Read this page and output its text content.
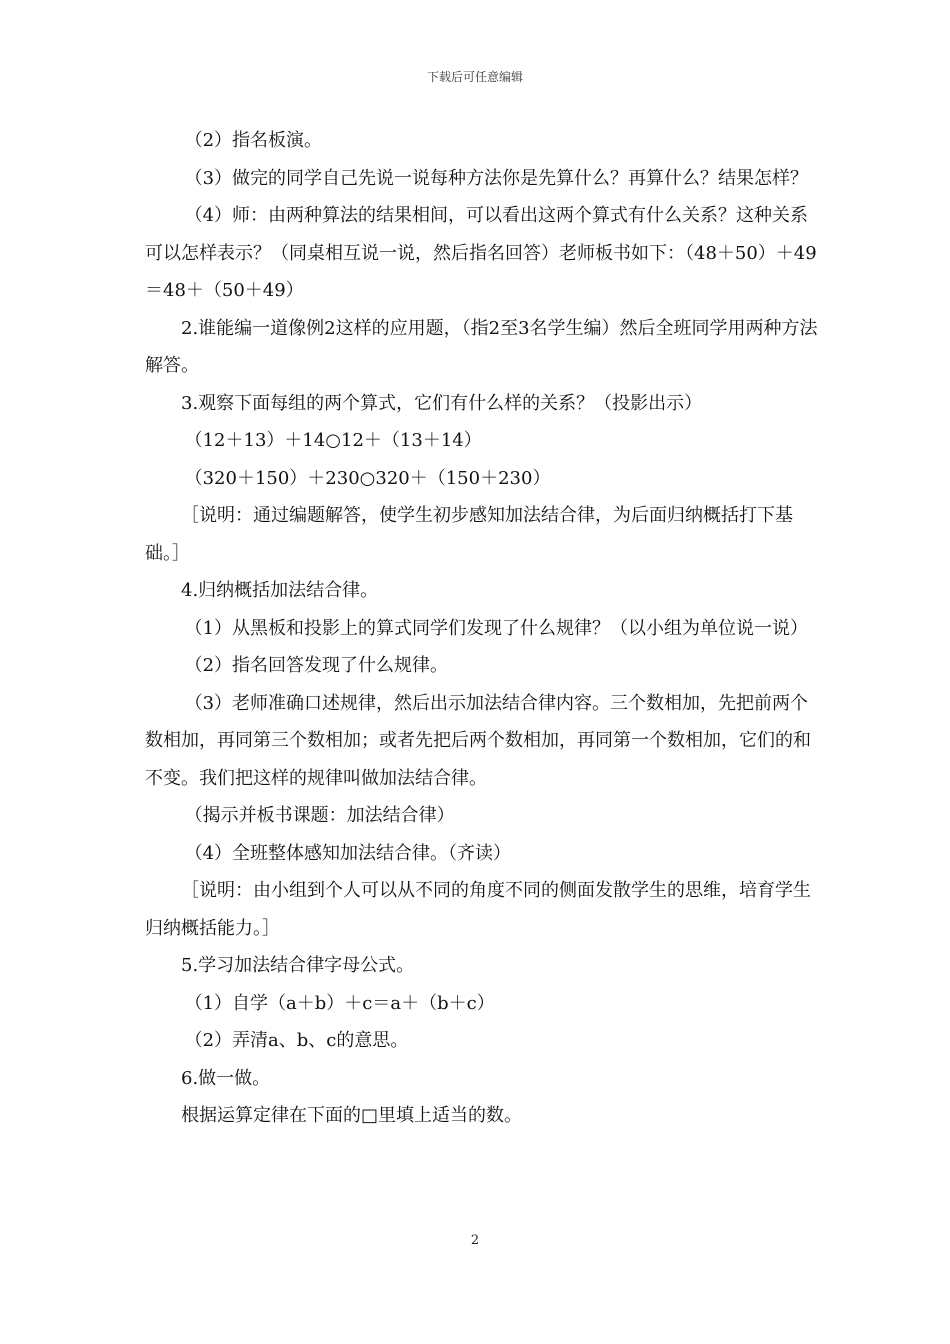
下载后可任意编辑

（2）指名板演。

（3）做完的同学自己先说一说每种方法你是先算什么？再算什么？结果怎样？

（4）师：由两种算法的结果相间，可以看出这两个算式有什么关系？这种关系可以怎样表示？（同桌相互说一说，然后指名回答）老师板书如下：（48＋50）＋49＝48＋（50＋49）

2.谁能编一道像例2这样的应用题，（指2至3名学生编）然后全班同学用两种方法解答。

3.观察下面每组的两个算式，它们有什么样的关系？（投影出示）

（12＋13）＋14○12＋（13＋14）

（320＋150）＋230○320＋（150＋230）

［说明：通过编题解答，使学生初步感知加法结合律，为后面归纳概括打下基础。］

4.归纳概括加法结合律。

（1）从黑板和投影上的算式同学们发现了什么规律？（以小组为单位说一说）

（2）指名回答发现了什么规律。

（3）老师准确口述规律，然后出示加法结合律内容。三个数相加，先把前两个数相加，再同第三个数相加；或者先把后两个数相加，再同第一个数相加，它们的和不变。我们把这样的规律叫做加法结合律。

（揭示并板书课题：加法结合律）

（4）全班整体感知加法结合律。（齐读）

［说明：由小组到个人可以从不同的角度不同的侧面发散学生的思维，培育学生归纳概括能力。］

5.学习加法结合律字母公式。

（1）自学（a＋b）＋c＝a＋（b＋c）

（2）弄清a、b、c的意思。

6.做一做。

根据运算定律在下面的□里填上适当的数。

2
